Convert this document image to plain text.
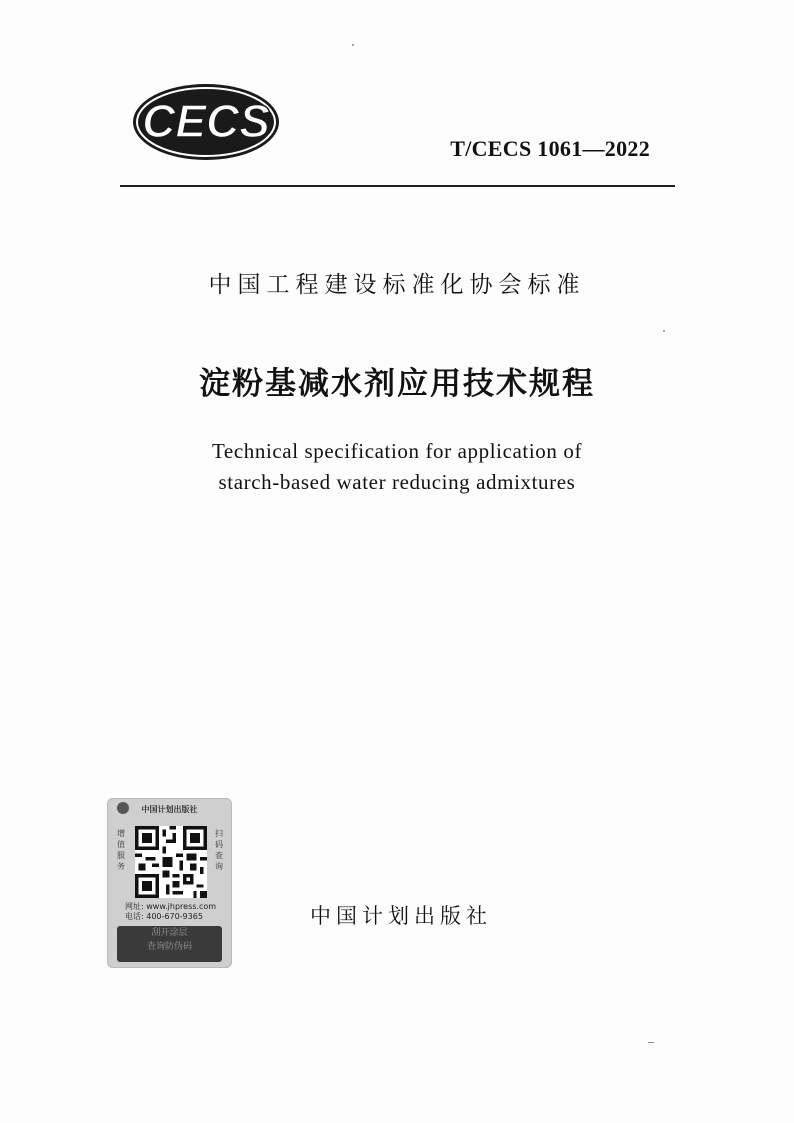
CECS
T/CECS 1061—2022
中国工程建设标准化协会标准
淀粉基减水剂应用技术规程
Technical specification for application of
starch-based water reducing admixtures
中国计划出版社
增
值
服
务
扫
码
查
询
网址: www.jhpress.com
电话: 400-670-9365
刮开涂层
查询防伪码
中国计划出版社
